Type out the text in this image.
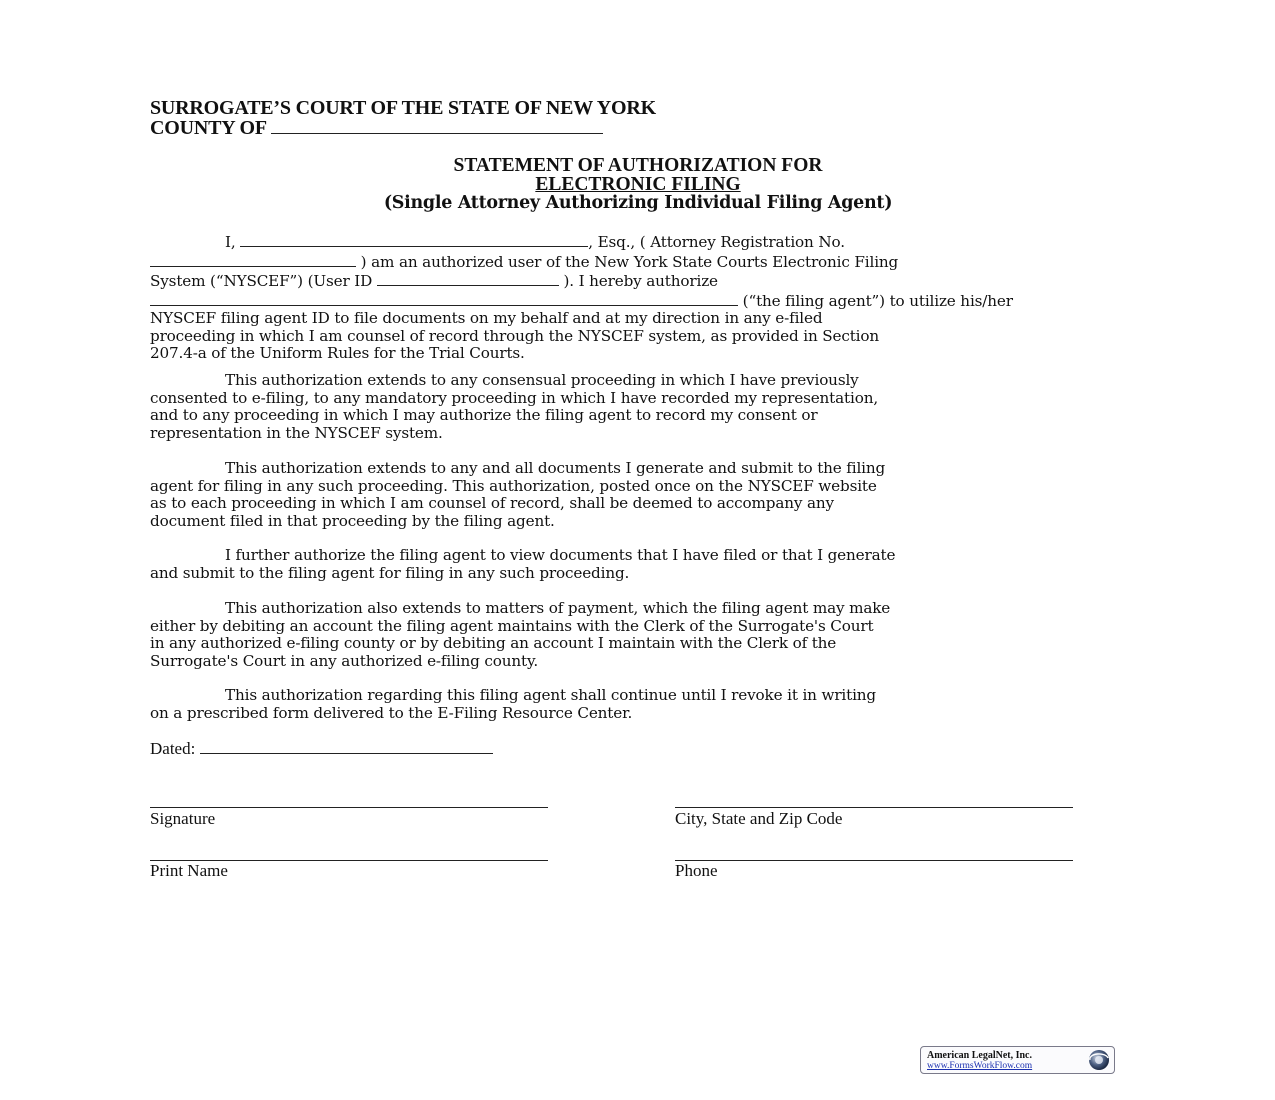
SURROGATE’S COURT OF THE STATE OF NEW YORK
COUNTY OF
STATEMENT OF AUTHORIZATION FOR
ELECTRONIC FILING
(Single Attorney Authorizing Individual Filing Agent)
I,	, Esq., ( Attorney Registration No.
) am an authorized user of the New York State Courts Electronic Filing
System (“NYSCEF”) (User ID	). I hereby authorize
(“the filing agent”) to utilize his/her
NYSCEF filing agent ID to file documents on my behalf and at my direction in any e-filed
proceeding in which I am counsel of record through the NYSCEF system, as provided in Section
207.4-a of the Uniform Rules for the Trial Courts.
This authorization extends to any consensual proceeding in which I have previously
consented to e-filing, to any mandatory proceeding in which I have recorded my representation,
and to any proceeding in which I may authorize the filing agent to record my consent or
representation in the NYSCEF system.
This authorization extends to any and all documents I generate and submit to the filing
agent for filing in any such proceeding. This authorization, posted once on the NYSCEF website
as to each proceeding in which I am counsel of record, shall be deemed to accompany any
document filed in that proceeding by the filing agent.
I further authorize the filing agent to view documents that I have filed or that I generate
and submit to the filing agent for filing in any such proceeding.
This authorization also extends to matters of payment, which the filing agent may make
either by debiting an account the filing agent maintains with the Clerk of the Surrogate's Court
in any authorized e-filing county or by debiting an account I maintain with the Clerk of the
Surrogate's Court in any authorized e-filing county.
This authorization regarding this filing agent shall continue until I revoke it in writing
on a prescribed form delivered to the E-Filing Resource Center.
Dated:
Signature	City, State and Zip Code
Print Name	Phone
American LegalNet, Inc.
www.FormsWorkFlow.com
